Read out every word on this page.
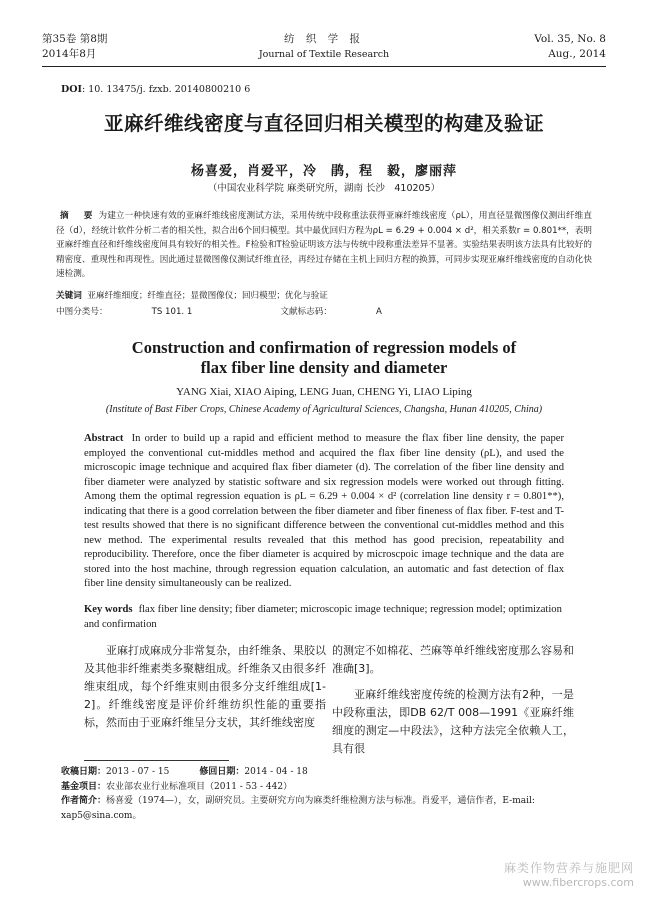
第35卷 第8期
2014年8月
纺 织 学 报
Journal of Textile Research
Vol. 35, No. 8
Aug., 2014
DOI: 10. 13475/j. fzxb. 20140800210 6
亚麻纤维线密度与直径回归相关模型的构建及验证
杨喜爱，肖爱平，冷　鹃，程　毅，廖丽萍
（中国农业科学院 麻类研究所，湖南 长沙　410205）
摘 要为建立一种快速有效的亚麻纤维线密度测试方法，采用传统中段称重法获得亚麻纤维线密度（ρL），用直径显微图像仪测出纤维直径（d），经统计软件分析二者的相关性，拟合出6个回归模型。其中最优回归方程为ρL = 6.29 + 0.004 × d²，相关系数r = 0.801**，表明亚麻纤维直径和纤维线密度间具有较好的相关性。F检验和T检验证明该方法与传统中段称重法差异不显著。实验结果表明该方法具有比较好的精密度、重现性和再现性。因此通过显微图像仪测试纤维直径，再经过存储在主机上回归方程的换算，可同步实现亚麻纤维线密度的自动化快速检测。
关键词 亚麻纤维细度；纤维直径；显微图像仪；回归模型；优化与验证
中图分类号：	TS 101. 1	文献标志码：	A
Construction and confirmation of regression models of
flax fiber line density and diameter
YANG Xiai, XIAO Aiping, LENG Juan, CHENG Yi, LIAO Liping
(Institute of Bast Fiber Crops, Chinese Academy of Agricultural Sciences, Changsha, Hunan 410205, China)
Abstract In order to build up a rapid and efficient method to measure the flax fiber line density, the paper employed the conventional cut-middles method and acquired the flax fiber line density (ρL), and used the microscopic image technique and acquired flax fiber diameter (d). The correlation of the fiber line density and fiber diameter were analyzed by statistic software and six regression models were worked out through fitting. Among them the optimal regression equation is ρL = 6.29 + 0.004 × d² (correlation line density r = 0.801**), indicating that there is a good correlation between the fiber diameter and fiber fineness of flax fiber. F-test and T-test results showed that there is no significant difference between the conventional cut-middles method and this new method. The experimental results revealed that this method has good precision, repeatability and reproducibility. Therefore, once the fiber diameter is acquired by microscpoic image technique and the data are stored into the host machine, through regression equation calculation, an automatic and fast detection of flax fiber line density simultaneously can be realized.
Key words flax fiber line density; fiber diameter; microscopic image technique; regression model; optimization and confirmation
亚麻打成麻成分非常复杂，由纤维条、果胶以及其他非纤维素类多聚糖组成。纤维条又由很多纤维束组成，每个纤维束则由很多分支纤维组成[1-2]。纤维线密度是评价纤维纺织性能的重要指标，然而由于亚麻纤维呈分支状，其纤维线密度

的测定不如棉花、苎麻等单纤维线密度那么容易和准确[3]。

亚麻纤维线密度传统的检测方法有2种，一是中段称重法，即DB 62/T 008—1991《亚麻纤维细度的测定—中段法》，这种方法完全依赖人工，具有很

收稿日期：2013 - 07 - 15	修回日期：2014 - 04 - 18
基金项目：农业部农业行业标准项目（2011 - 53 - 442）
作者简介：杨喜爱（1974—），女，副研究员。主要研究方向为麻类纤维检测方法与标准。肖爱平，通信作者，E-mail: xap5@sina.com。
麻类作物营养与施肥网
www.fibercrops.com
